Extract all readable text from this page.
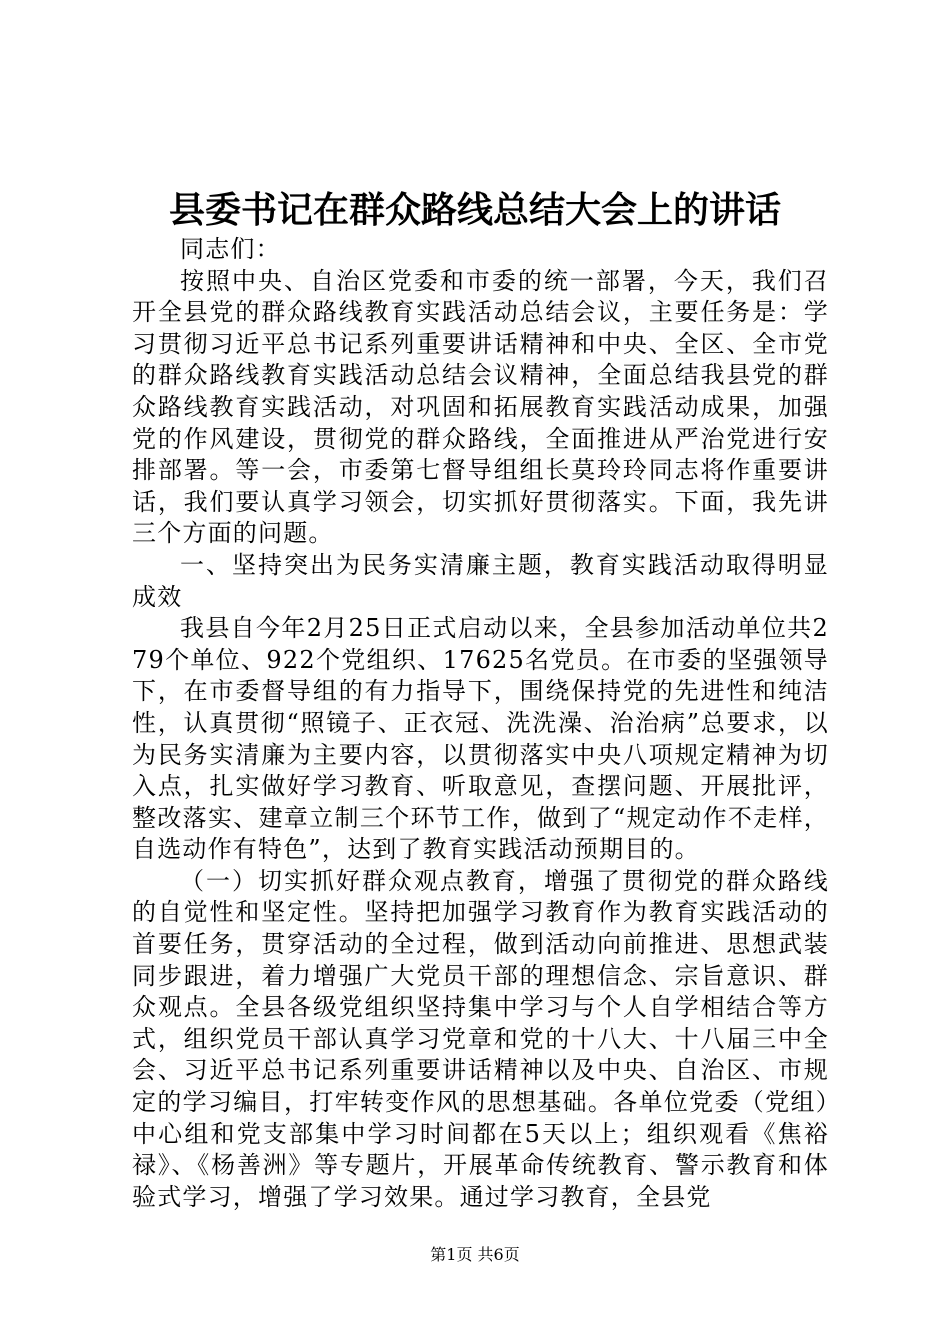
县委书记在群众路线总结大会上的讲话

同志们：

按照中央、自治区党委和市委的统一部署，今天，我们召开全县党的群众路线教育实践活动总结会议，主要任务是：学习贯彻习近平总书记系列重要讲话精神和中央、全区、全市党的群众路线教育实践活动总结会议精神，全面总结我县党的群众路线教育实践活动，对巩固和拓展教育实践活动成果，加强党的作风建设，贯彻党的群众路线，全面推进从严治党进行安排部署。等一会，市委第七督导组组长莫玲玲同志将作重要讲话，我们要认真学习领会，切实抓好贯彻落实。下面，我先讲三个方面的问题。

一、坚持突出为民务实清廉主题，教育实践活动取得明显成效

我县自今年2月25日正式启动以来，全县参加活动单位共279个单位、922个党组织、17625名党员。在市委的坚强领导下，在市委督导组的有力指导下，围绕保持党的先进性和纯洁性，认真贯彻“照镜子、正衣冠、洗洗澡、治治病”总要求，以为民务实清廉为主要内容，以贯彻落实中央八项规定精神为切入点，扎实做好学习教育、听取意见，查摆问题、开展批评，整改落实、建章立制三个环节工作，做到了“规定动作不走样，自选动作有特色”，达到了教育实践活动预期目的。

（一）切实抓好群众观点教育，增强了贯彻党的群众路线的自觉性和坚定性。坚持把加强学习教育作为教育实践活动的首要任务，贯穿活动的全过程，做到活动向前推进、思想武装同步跟进，着力增强广大党员干部的理想信念、宗旨意识、群众观点。全县各级党组织坚持集中学习与个人自学相结合等方式，组织党员干部认真学习党章和党的十八大、十八届三中全会、习近平总书记系列重要讲话精神以及中央、自治区、市规定的学习编目，打牢转变作风的思想基础。各单位党委（党组）中心组和党支部集中学习时间都在5天以上；组织观看《焦裕禄》、《杨善洲》等专题片，开展革命传统教育、警示教育和体验式学习，增强了学习效果。通过学习教育，全县党

第1页 共6页
